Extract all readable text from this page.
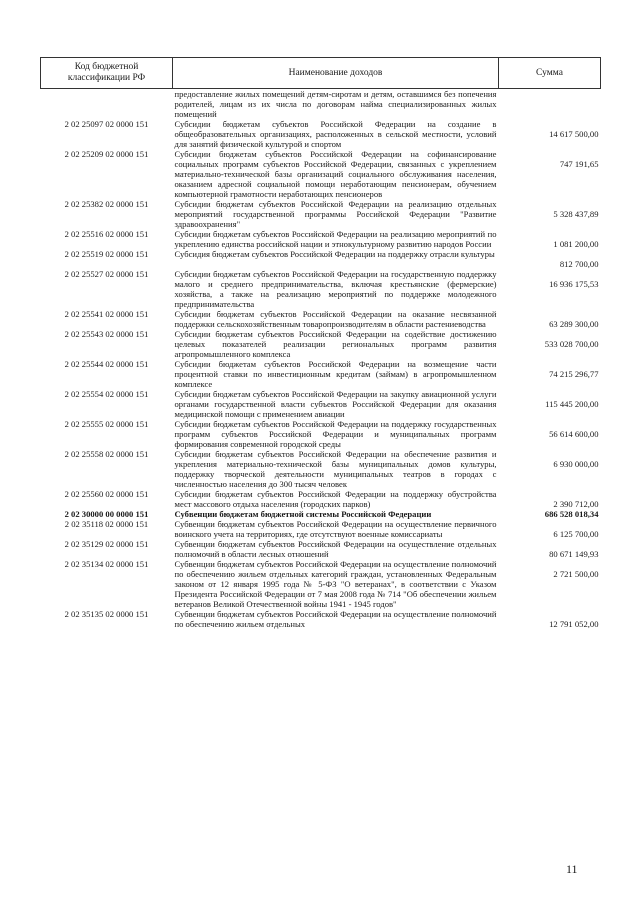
Код бюджетной классификации РФ	Наименование доходов	Сумма
	предоставление жилых помещений детям-сиротам и детям, оставшимся без попечения родителей, лицам из их числа по договорам найма специализированных жилых помещений	
2 02 25097 02 0000 151	Субсидии бюджетам субъектов Российской Федерации на создание в общеобразовательных организациях, расположенных в сельской местности, условий для занятий физической культурой и спортом	14 617 500,00
2 02 25209 02 0000 151	Субсидии бюджетам субъектов Российской Федерации на софинансирование социальных программ субъектов Российской Федерации, связанных с укреплением материально-технической базы организаций социального обслуживания населения, оказанием адресной социальной помощи неработающим пенсионерам, обучением компьютерной грамотности неработающих пенсионеров	747 191,65
2 02 25382 02 0000 151	Субсидии бюджетам субъектов Российской Федерации на реализацию отдельных мероприятий государственной программы Российской Федерации "Развитие здравоохранения"	5 328 437,89
2 02 25516 02 0000 151	Субсидии бюджетам субъектов Российской Федерации на реализацию мероприятий по укреплению единства российской нации и этнокультурному развитию народов России	1 081 200,00
2 02 25519 02 0000 151	Субсидия бюджетам субъектов Российской Федерации на поддержку отрасли культуры	812 700,00
2 02 25527 02 0000 151	Субсидии бюджетам субъектов Российской Федерации на государственную поддержку малого и среднего предпринимательства, включая крестьянские (фермерские) хозяйства, а также на реализацию мероприятий по поддержке молодежного предпринимательства	16 936 175,53
2 02 25541 02 0000 151	Субсидии бюджетам субъектов Российской Федерации на оказание несвязанной поддержки сельскохозяйственным товаропроизводителям в области растениеводства	63 289 300,00
2 02 25543 02 0000 151	Субсидии бюджетам субъектов Российской Федерации на содействие достижению целевых показателей реализации региональных программ развития агропромышленного комплекса	533 028 700,00
2 02 25544 02 0000 151	Субсидии бюджетам субъектов Российской Федерации на возмещение части процентной ставки по инвестиционным кредитам (займам) в агропромышленном комплексе	74 215 296,77
2 02 25554 02 0000 151	Субсидии бюджетам субъектов Российской Федерации на закупку авиационной услуги органами государственной власти субъектов Российской Федерации для оказания медицинской помощи с применением авиации	115 445 200,00
2 02 25555 02 0000 151	Субсидии бюджетам субъектов Российской Федерации на поддержку государственных программ субъектов Российской Федерации и муниципальных программ формирования современной городской среды	56 614 600,00
2 02 25558 02 0000 151	Субсидии бюджетам субъектов Российской Федерации на обеспечение развития и укрепления материально-технической базы муниципальных домов культуры, поддержку творческой деятельности муниципальных театров в городах с численностью населения до 300 тысяч человек	6 930 000,00
2 02 25560 02 0000 151	Субсидии бюджетам субъектов Российской Федерации на поддержку обустройства мест массового отдыха населения (городских парков)	2 390 712,00
2 02 30000 00 0000 151	Субвенции бюджетам бюджетной системы Российской Федерации	686 528 018,34
2 02 35118 02 0000 151	Субвенции бюджетам субъектов Российской Федерации на осуществление первичного воинского учета на территориях, где отсутствуют военные комиссариаты	6 125 700,00
2 02 35129 02 0000 151	Субвенции бюджетам субъектов Российской Федерации на осуществление отдельных полномочий в области лесных отношений	80 671 149,93
2 02 35134 02 0000 151	Субвенции бюджетам субъектов Российской Федерации на осуществление полномочий по обеспечению жильем отдельных категорий граждан, установленных Федеральным законом от 12 января 1995 года № 5-ФЗ "О ветеранах", в соответствии с Указом Президента Российской Федерации от 7 мая 2008 года № 714 "Об обеспечении жильем ветеранов Великой Отечественной войны 1941 - 1945 годов"	2 721 500,00
2 02 35135 02 0000 151	Субвенции бюджетам субъектов Российской Федерации на осуществление полномочий по обеспечению жильем отдельных	12 791 052,00
11
